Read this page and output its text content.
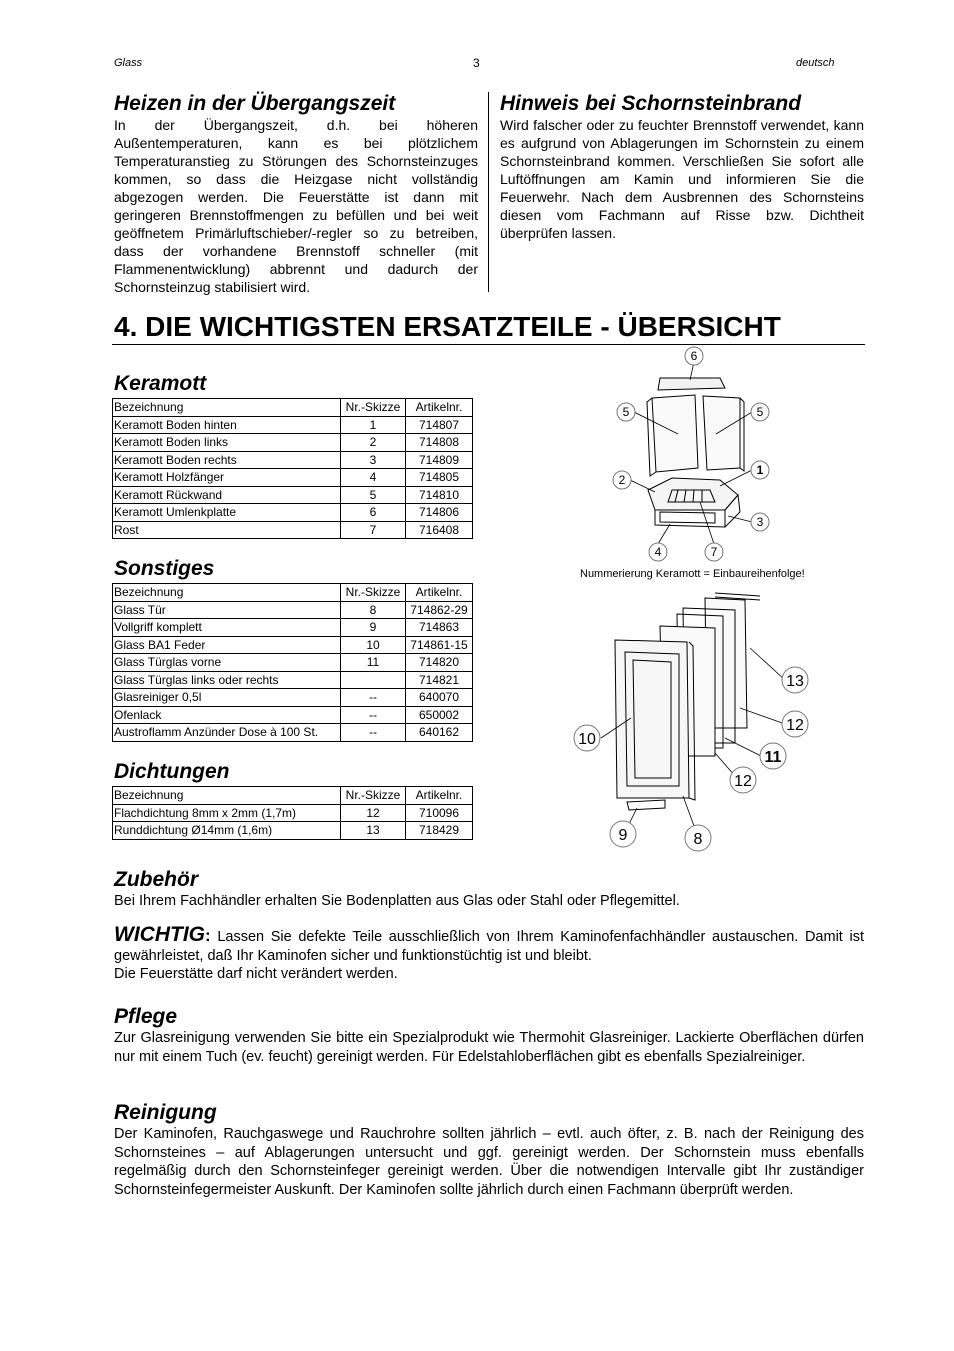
Glass	3	deutsch
Heizen in der Übergangszeit

In der Übergangszeit, d.h. bei höheren Außentemperaturen, kann es bei plötzlichem Temperaturanstieg zu Störungen des Schornsteinzuges kommen, so dass die Heizgase nicht vollständig abgezogen werden. Die Feuerstätte ist dann mit geringeren Brennstoffmengen zu befüllen und bei weit geöffnetem Primärluftschieber/-regler so zu betreiben, dass der vorhandene Brennstoff schneller (mit Flammenentwicklung) abbrennt und dadurch der Schornsteinzug stabilisiert wird.

Hinweis bei Schornsteinbrand

Wird falscher oder zu feuchter Brennstoff verwendet, kann es aufgrund von Ablagerungen im Schornstein zu einem Schornsteinbrand kommen. Verschließen Sie sofort alle Luftöffnungen am Kamin und informieren Sie die Feuerwehr. Nach dem Ausbrennen des Schornsteins diesen vom Fachmann auf Risse bzw. Dichtheit überprüfen lassen.

4. DIE WICHTIGSTEN ERSATZTEILE - ÜBERSICHT
Keramott
Bezeichnung	Nr.-Skizze	Artikelnr.
Keramott Boden hinten	1	714807
Keramott Boden links	2	714808
Keramott Boden rechts	3	714809
Keramott Holzfänger	4	714805
Keramott Rückwand	5	714810
Keramott Umlenkplatte	6	714806
Rost	7	716408
Sonstiges
Bezeichnung	Nr.-Skizze	Artikelnr.
Glass Tür	8	714862-29
Vollgriff komplett	9	714863
Glass BA1 Feder	10	714861-15
Glass Türglas vorne	11	714820
Glass Türglas links oder rechts		714821
Glasreiniger 0,5l	--	640070
Ofenlack	--	650002
Austroflamm Anzünder Dose à 100 St.	--	640162
Dichtungen
Bezeichnung	Nr.-Skizze	Artikelnr.
Flachdichtung 8mm x 2mm (1,7m)	12	710096
Runddichtung Ø14mm (1,6m)	13	718429
6
5	5
2
1
3
4	7
Nummerierung Keramott = Einbaureihenfolge!
13
12
10
11
12
9	8
Zubehör

Bei Ihrem Fachhändler erhalten Sie Bodenplatten aus Glas oder Stahl oder Pflegemittel.

WICHTIG: Lassen Sie defekte Teile ausschließlich von Ihrem Kaminofenfachhändler austauschen. Damit ist gewährleistet, daß Ihr Kaminofen sicher und funktionstüchtig ist und bleibt.

Die Feuerstätte darf nicht verändert werden.

Pflege

Zur Glasreinigung verwenden Sie bitte ein Spezialprodukt wie Thermohit Glasreiniger. Lackierte Oberflächen dürfen nur mit einem Tuch (ev. feucht) gereinigt werden. Für Edelstahloberflächen gibt es ebenfalls Spezialreiniger.

Reinigung

Der Kaminofen, Rauchgaswege und Rauchrohre sollten jährlich – evtl. auch öfter, z. B. nach der Reinigung des Schornsteines – auf Ablagerungen untersucht und ggf. gereinigt werden. Der Schornstein muss ebenfalls regelmäßig durch den Schornsteinfeger gereinigt werden. Über die notwendigen Intervalle gibt Ihr zuständiger Schornsteinfegermeister Auskunft. Der Kaminofen sollte jährlich durch einen Fachmann überprüft werden.
